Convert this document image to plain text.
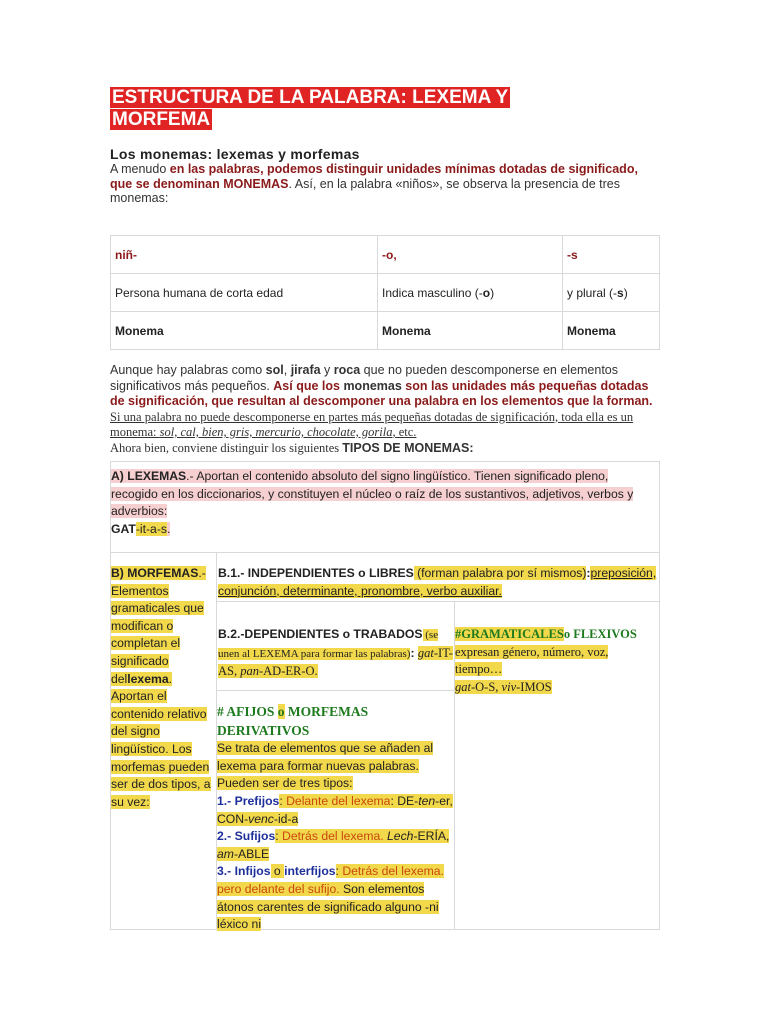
ESTRUCTURA DE LA PALABRA: LEXEMA Y MORFEMA
Los monemas: lexemas y morfemas
A menudo en las palabras, podemos distinguir unidades mínimas dotadas de significado, que se denominan MONEMAS. Así, en la palabra «niños», se observa la presencia de tres monemas:
niñ-	-o,	-s
Persona humana de corta edad	Indica masculino (-o)	y plural (-s)
Monema	Monema	Monema
Aunque hay palabras como sol, jirafa y roca que no pueden descomponerse en elementos significativos más pequeños. Así que los monemas son las unidades más pequeñas dotadas de significación, que resultan al descomponer una palabra en los elementos que la forman. Si una palabra no puede descomponerse en partes más pequeñas dotadas de significación, toda ella es un monema: sol, cal, bien, gris, mercurio, chocolate, gorila, etc.
Ahora bien, conviene distinguir los siguientes TIPOS DE MONEMAS:
A) LEXEMAS.- Aportan el contenido absoluto del signo lingüístico. Tienen significado pleno, recogido en los diccionarios, y constituyen el núcleo o raíz de los sustantivos, adjetivos, verbos y adverbios:
GAT-it-a-s.
B) MORFEMAS.- Elementos gramaticales que modifican o completan el significado dellexema. Aportan el contenido relativo del signo lingüístico. Los morfemas pueden ser de dos tipos, a su vez:
B.1.- INDEPENDIENTES o LIBRES (forman palabra por sí mismos):preposición, conjunción, determinante, pronombre, verbo auxiliar.
B.2.-DEPENDIENTES o TRABADOS (se unen al LEXEMA para formar las palabras): gat-IT-AS, pan-AD-ER-O.
#GRAMATICALESo FLEXIVOS
expresan género, número, voz, tiempo…
gat-O-S, viv-IMOS
# AFIJOS o MORFEMAS DERIVATIVOS
Se trata de elementos que se añaden al lexema para formar nuevas palabras. Pueden ser de tres tipos:
1.- Prefijos: Delante del lexema: DE-ten-er, CON-venc-id-a
2.- Sufijos: Detrás del lexema. Lech-ERÍA, am-ABLE
3.- Infijos o interfijos: Detrás del lexema. pero delante del sufijo. Son elementos átonos carentes de significado alguno -ni léxico ni
